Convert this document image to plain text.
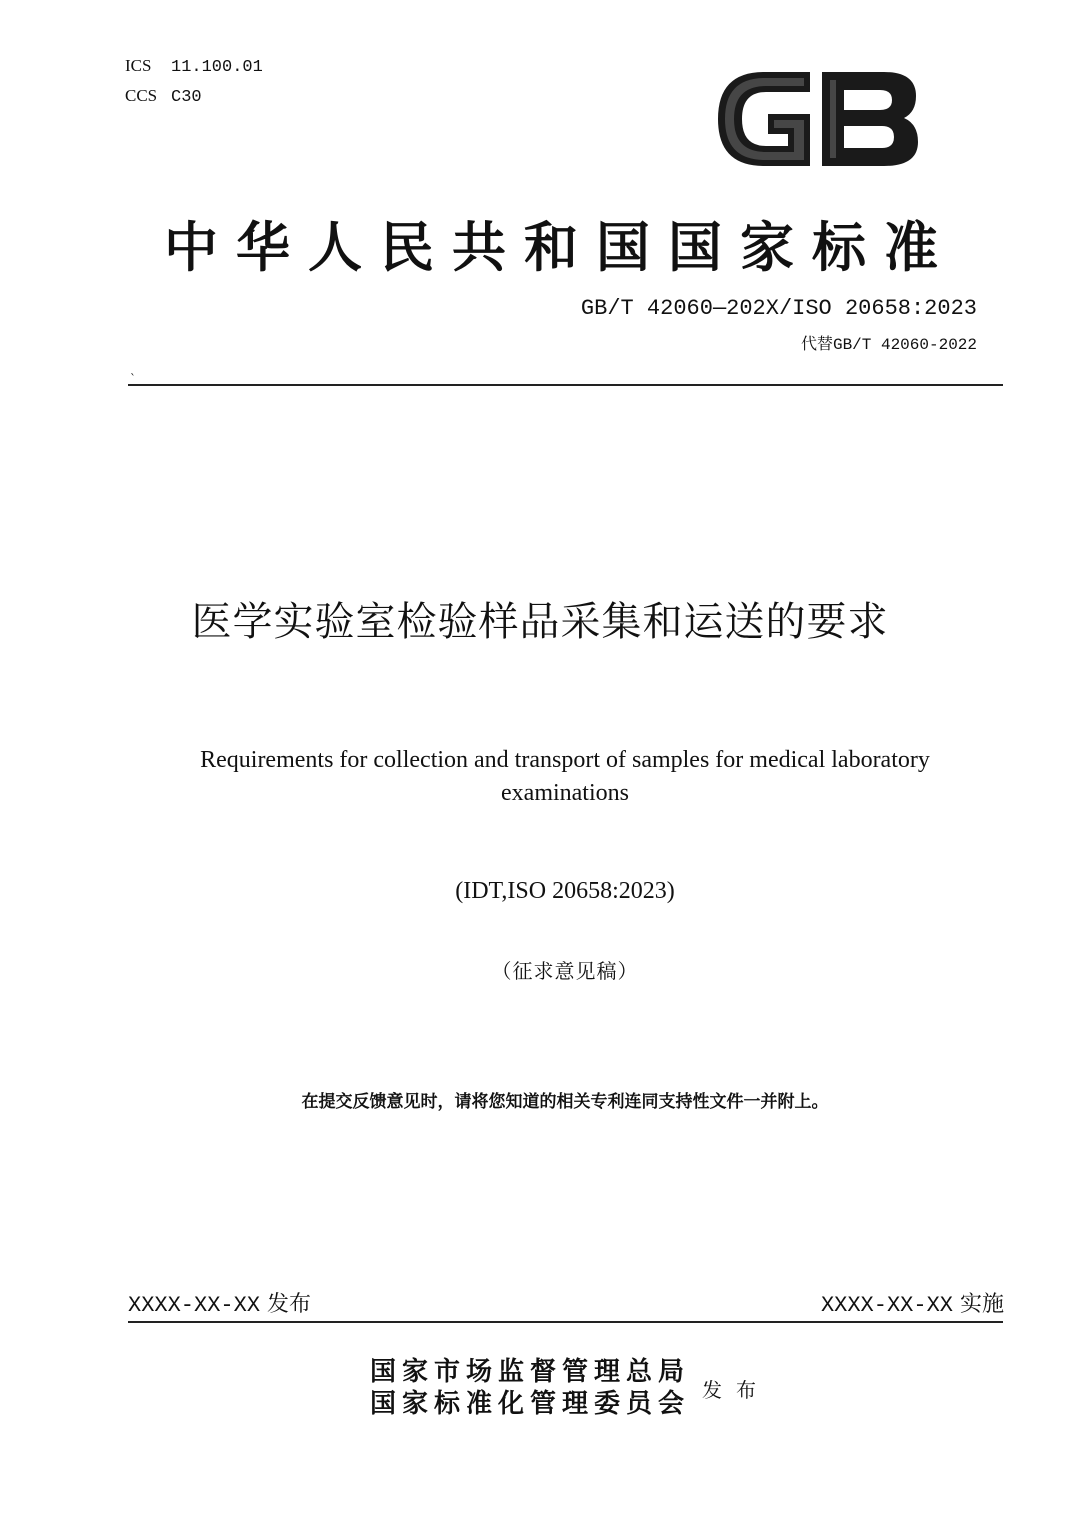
ICS 11.100.01
CCS C30
中华人民共和国国家标准
GB/T 42060—202X/ISO 20658:2023
代替GB/T 42060-2022
`
医学实验室检验样品采集和运送的要求
Requirements for collection and transport of samples for medical laboratory examinations
(IDT,ISO 20658:2023)
（征求意见稿）
在提交反馈意见时，请将您知道的相关专利连同支持性文件一并附上。
XXXX-XX-XX 发布	XXXX-XX-XX 实施
国家市场监督管理总局
国家标准化管理委员会 发布
